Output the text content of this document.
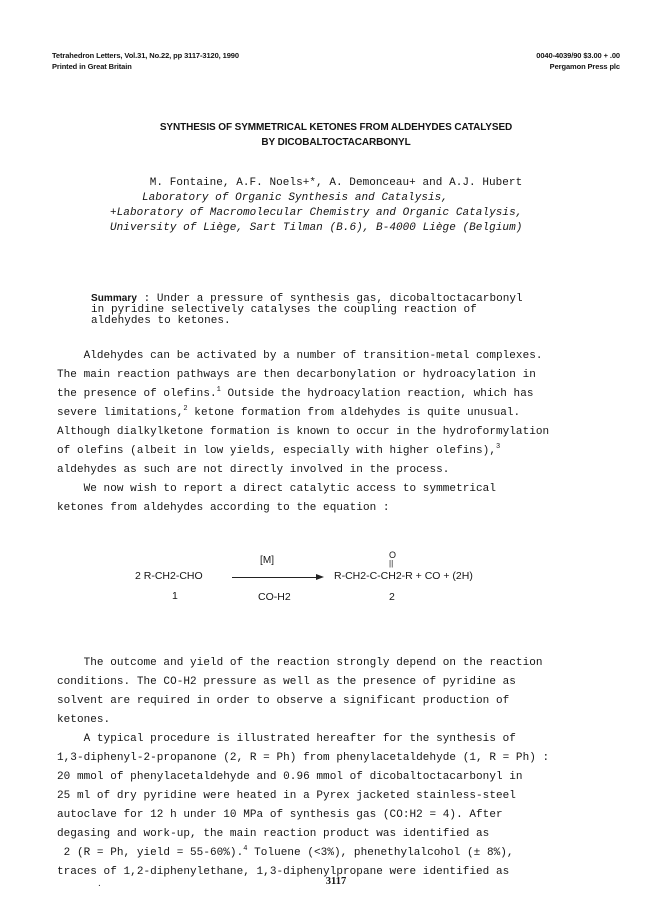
Tetrahedron Letters, Vol.31, No.22, pp 3117-3120, 1990
Printed in Great Britain
0040-4039/90 $3.00 + .00
Pergamon Press plc
SYNTHESIS OF SYMMETRICAL KETONES FROM ALDEHYDES CATALYSED
BY DICOBALTOCTACARBONYL
M. Fontaine, A.F. Noels+*, A. Demonceau+ and A.J. Hubert
Laboratory of Organic Synthesis and Catalysis,
+Laboratory of Macromolecular Chemistry and Organic Catalysis,
University of Liège, Sart Tilman (B.6), B-4000 Liège (Belgium)
Summary : Under a pressure of synthesis gas, dicobaltoctacarbonyl
in pyridine selectively catalyses the coupling reaction of
aldehydes to ketones.
Aldehydes can be activated by a number of transition-metal complexes.
The main reaction pathways are then decarbonylation or hydroacylation in
the presence of olefins.$^1$ Outside the hydroacylation reaction, which has
severe limitations,$^2$ ketone formation from aldehydes is quite unusual.
Although dialkylketone formation is known to occur in the hydroformylation
of olefins (albeit in low yields, especially with higher olefins),$^3$
aldehydes as such are not directly involved in the process.
We now wish to report a direct catalytic access to symmetrical
ketones from aldehydes according to the equation :
2 R-CH2-CHO
1
[M]
CO-H2
O
||
R-CH2-C-CH2-R + CO + (2H)
2
The outcome and yield of the reaction strongly depend on the reaction
conditions. The CO-H2 pressure as well as the presence of pyridine as
solvent are required in order to observe a significant production of
ketones.
A typical procedure is illustrated hereafter for the synthesis of
1,3-diphenyl-2-propanone (2, R = Ph) from phenylacetaldehyde (1, R = Ph) :
20 mmol of phenylacetaldehyde and 0.96 mmol of dicobaltoctacarbonyl in
25 ml of dry pyridine were heated in a Pyrex jacketed stainless-steel
autoclave for 12 h under 10 MPa of synthesis gas (CO:H2 = 4). After
degasing and work-up, the main reaction product was identified as
2 (R = Ph, yield = 55-60%).$^4$ Toluene (<3%), phenethylalcohol (± 8%),
traces of 1,2-diphenylethane, 1,3-diphenylpropane were identified as
.	3117
